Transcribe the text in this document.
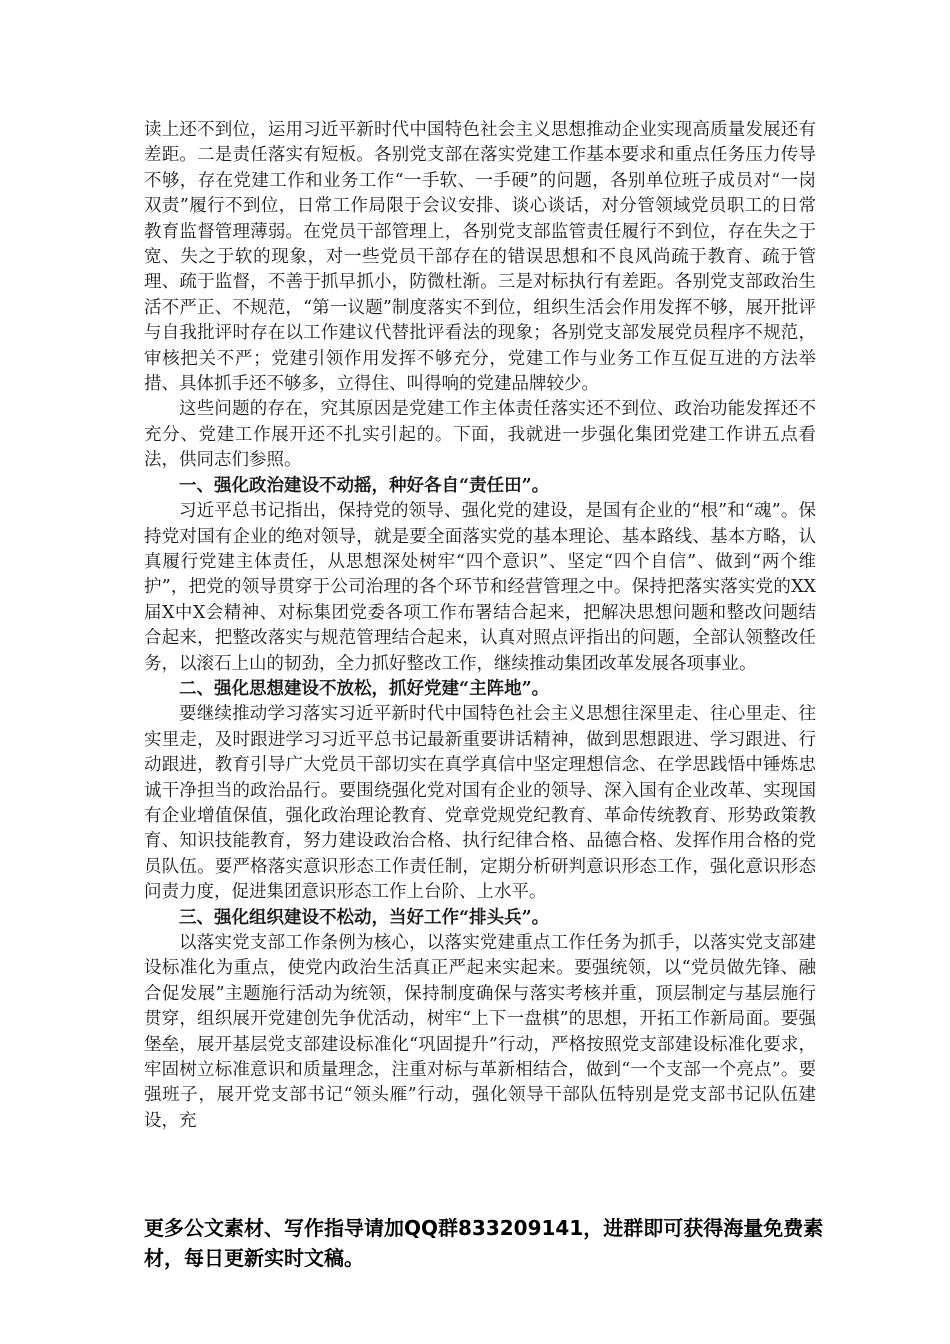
读上还不到位，运用习近平新时代中国特色社会主义思想推动企业实现高质量发展还有差距。二是责任落实有短板。各别党支部在落实党建工作基本要求和重点任务压力传导不够，存在党建工作和业务工作“一手软、一手硬”的问题，各别单位班子成员对“一岗双责”履行不到位，日常工作局限于会议安排、谈心谈话，对分管领域党员职工的日常教育监督管理薄弱。在党员干部管理上，各别党支部监管责任履行不到位，存在失之于宽、失之于软的现象，对一些党员干部存在的错误思想和不良风尚疏于教育、疏于管理、疏于监督，不善于抓早抓小，防微杜渐。三是对标执行有差距。各别党支部政治生活不严正、不规范，“第一议题”制度落实不到位，组织生活会作用发挥不够，展开批评与自我批评时存在以工作建议代替批评看法的现象；各别党支部发展党员程序不规范，审核把关不严；党建引领作用发挥不够充分，党建工作与业务工作互促互进的方法举措、具体抓手还不够多，立得住、叫得响的党建品牌较少。

这些问题的存在，究其原因是党建工作主体责任落实还不到位、政治功能发挥还不充分、党建工作展开还不扎实引起的。下面，我就进一步强化集团党建工作讲五点看法，供同志们参照。

一、强化政治建设不动摇，种好各自“责任田”。

习近平总书记指出，保持党的领导、强化党的建设，是国有企业的“根”和“魂”。保持党对国有企业的绝对领导，就是要全面落实党的基本理论、基本路线、基本方略，认真履行党建主体责任，从思想深处树牢“四个意识”、坚定“四个自信”、做到“两个维护”，把党的领导贯穿于公司治理的各个环节和经营管理之中。保持把落实落实党的XX届X中X会精神、对标集团党委各项工作布署结合起来，把解决思想问题和整改问题结合起来，把整改落实与规范管理结合起来，认真对照点评指出的问题，全部认领整改任务，以滚石上山的韧劲，全力抓好整改工作，继续推动集团改革发展各项事业。

二、强化思想建设不放松，抓好党建“主阵地”。

要继续推动学习落实习近平新时代中国特色社会主义思想往深里走、往心里走、往实里走，及时跟进学习习近平总书记最新重要讲话精神，做到思想跟进、学习跟进、行动跟进，教育引导广大党员干部切实在真学真信中坚定理想信念、在学思践悟中锤炼忠诚干净担当的政治品行。要围绕强化党对国有企业的领导、深入国有企业改革、实现国有企业增值保值，强化政治理论教育、党章党规党纪教育、革命传统教育、形势政策教育、知识技能教育，努力建设政治合格、执行纪律合格、品德合格、发挥作用合格的党员队伍。要严格落实意识形态工作责任制，定期分析研判意识形态工作，强化意识形态问责力度，促进集团意识形态工作上台阶、上水平。

三、强化组织建设不松动，当好工作“排头兵”。

以落实党支部工作条例为核心，以落实党建重点工作任务为抓手，以落实党支部建设标准化为重点，使党内政治生活真正严起来实起来。要强统领，以“党员做先锋、融合促发展”主题施行活动为统领，保持制度确保与落实考核并重，顶层制定与基层施行贯穿，组织展开党建创先争优活动，树牢“上下一盘棋”的思想，开拓工作新局面。要强堡垒，展开基层党支部建设标准化“巩固提升”行动，严格按照党支部建设标准化要求，牢固树立标准意识和质量理念，注重对标与革新相结合，做到“一个支部一个亮点”。要强班子，展开党支部书记“领头雁”行动，强化领导干部队伍特别是党支部书记队伍建设，充

更多公文素材、写作指导请加QQ群833209141，进群即可获得海量免费素材，每日更新实时文稿。
